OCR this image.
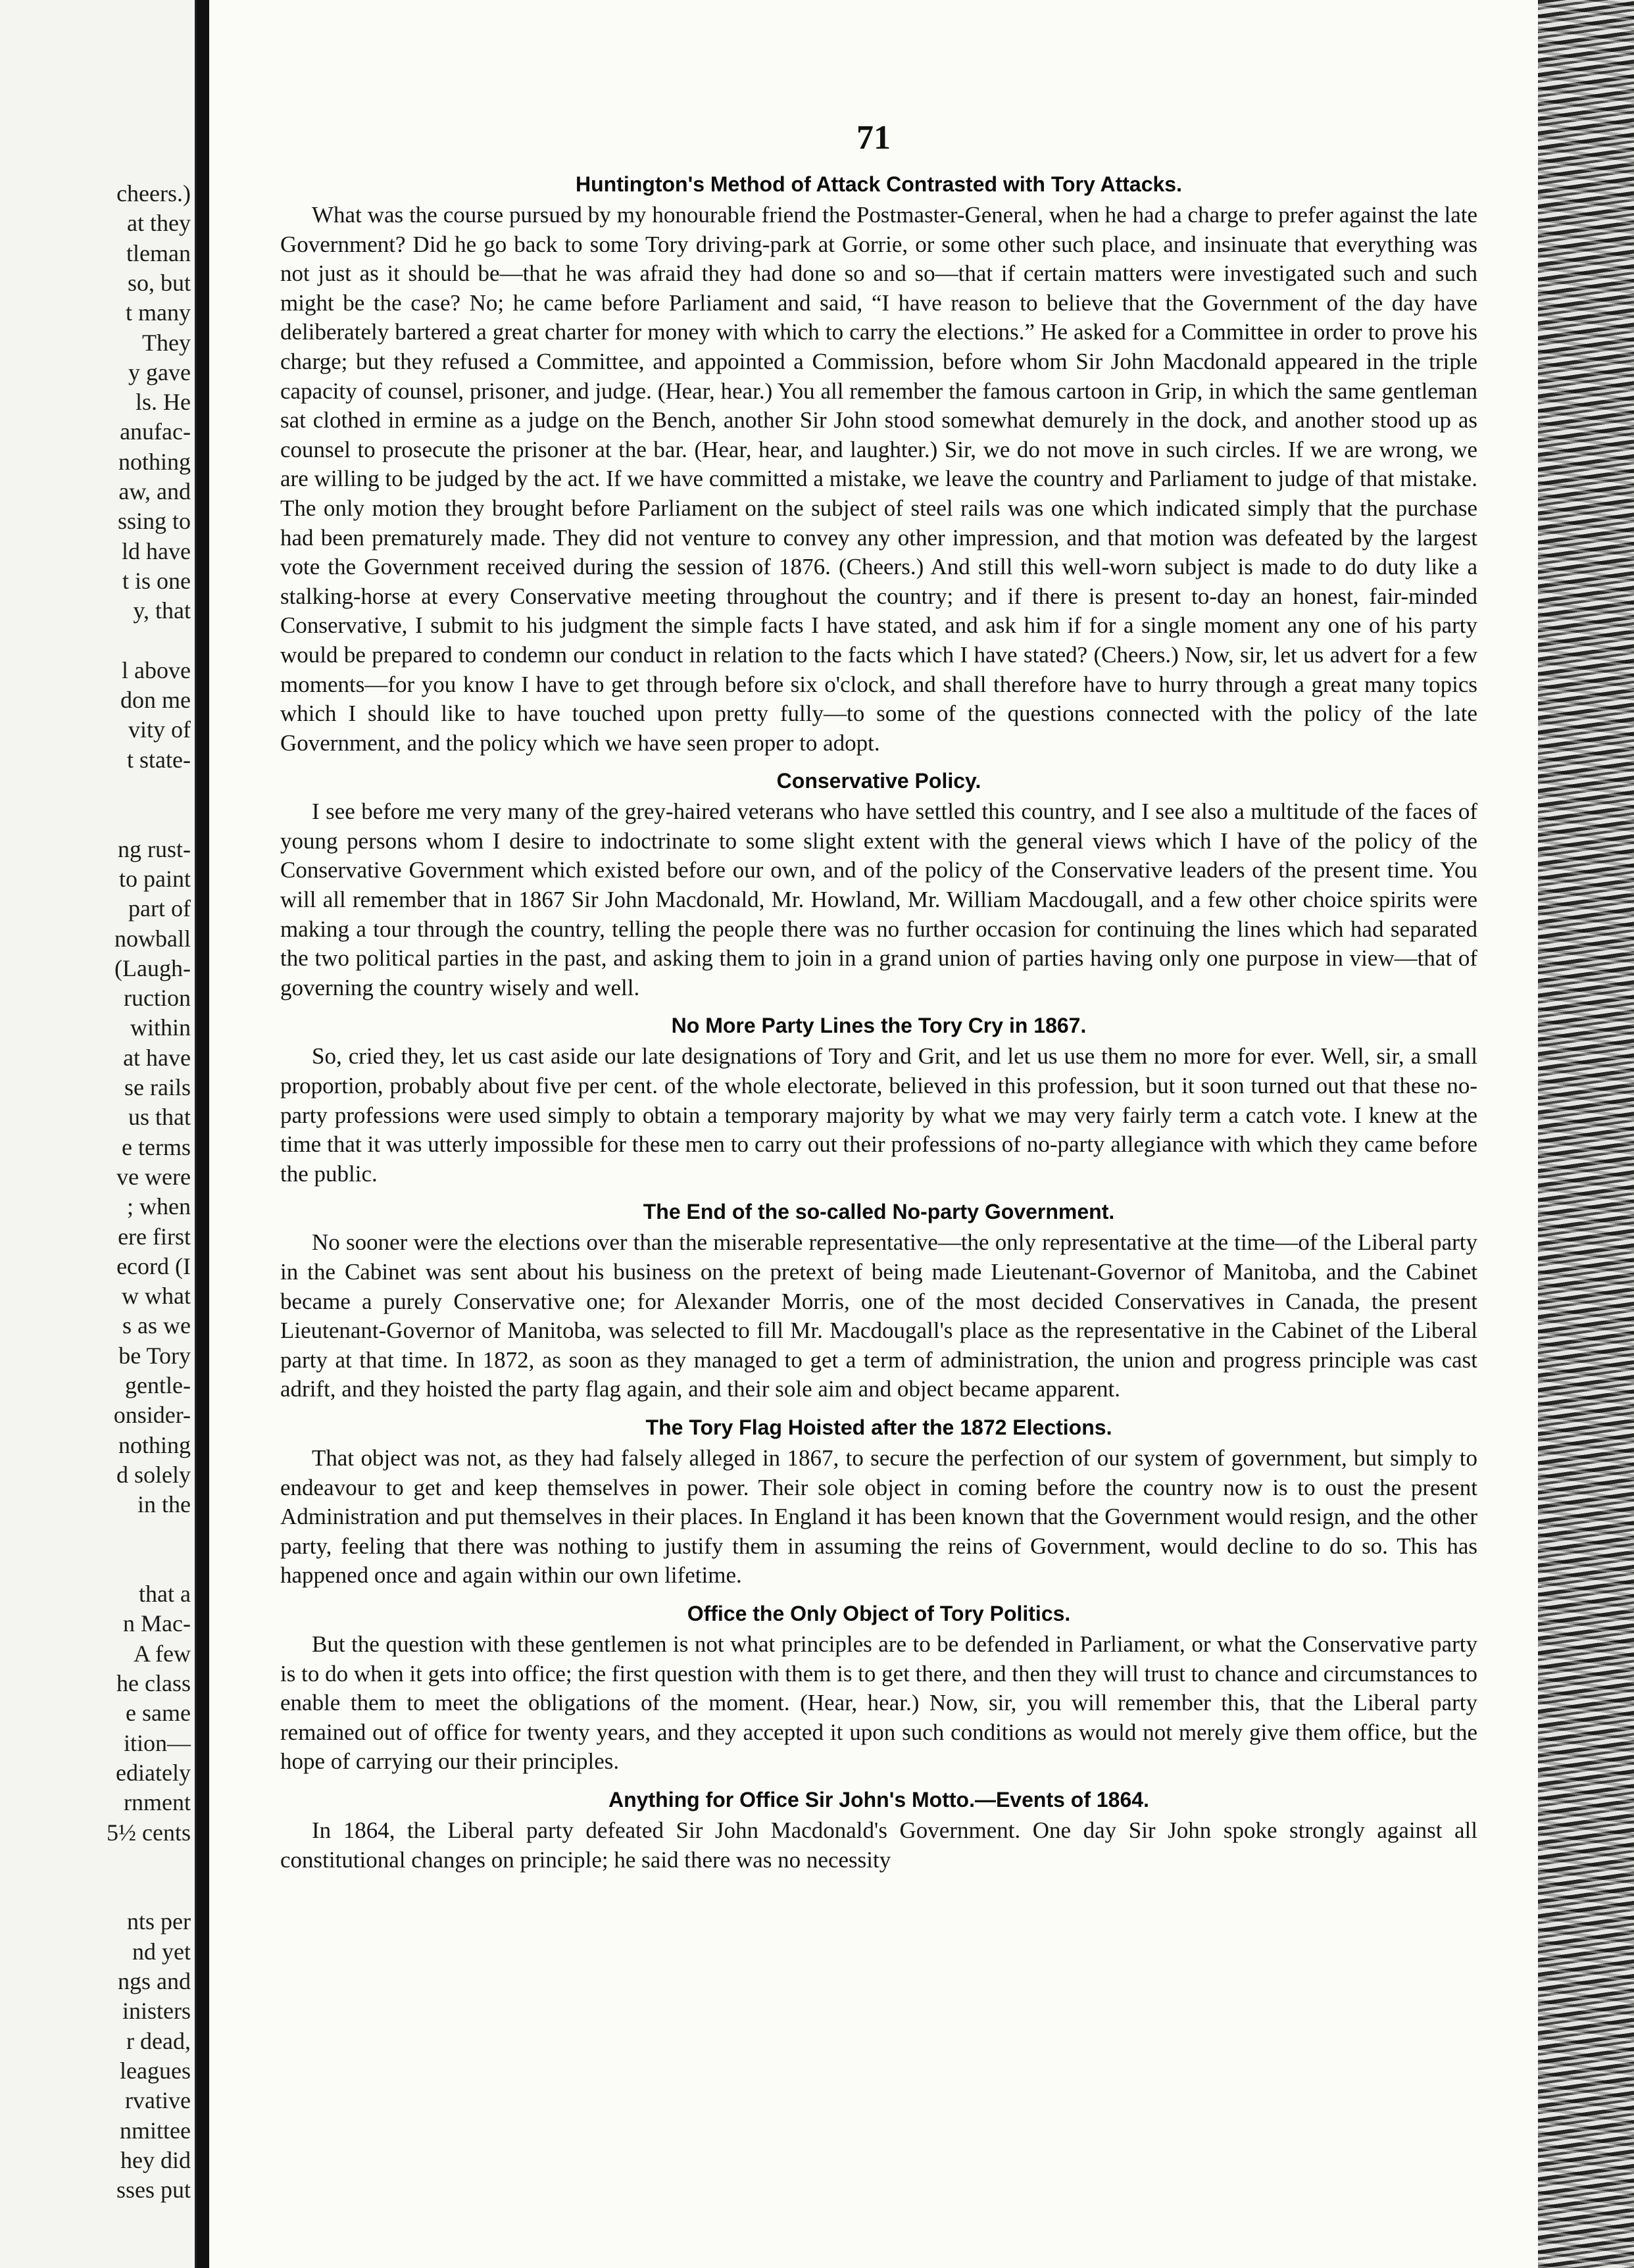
cheers.)
at they
tleman
so, but
t many
They
y gave
ls. He
anufac-
nothing
aw, and
ssing to
ld have
t is one
y, that
l above
don me
vity of
t state-
ng rust-
to paint
part of
nowball
(Laugh-
ruction
within
at have
se rails
us that
e terms
ve were
; when
ere first
ecord (I
w what
s as we
be Tory
gentle-
onsider-
nothing
d solely
in the
that a
n Mac-
A few
he class
e same
ition—
ediately
rnment
5½ cents
nts per
nd yet
ngs and
inisters
r dead,
leagues
rvative
nmittee
hey did
sses put
71
Huntington's Method of Attack Contrasted with Tory Attacks.

What was the course pursued by my honourable friend the Postmaster-General, when he had a charge to prefer against the late Government? Did he go back to some Tory driving-park at Gorrie, or some other such place, and insinuate that everything was not just as it should be—that he was afraid they had done so and so—that if certain matters were investigated such and such might be the case? No; he came before Parliament and said, “I have reason to believe that the Government of the day have deliberately bartered a great charter for money with which to carry the elections.” He asked for a Committee in order to prove his charge; but they refused a Committee, and appointed a Commission, before whom Sir John Macdonald appeared in the triple capacity of counsel, prisoner, and judge. (Hear, hear.) You all remember the famous cartoon in Grip, in which the same gentleman sat clothed in ermine as a judge on the Bench, another Sir John stood somewhat demurely in the dock, and another stood up as counsel to prosecute the prisoner at the bar. (Hear, hear, and laughter.) Sir, we do not move in such circles. If we are wrong, we are willing to be judged by the act. If we have committed a mistake, we leave the country and Parliament to judge of that mistake. The only motion they brought before Parliament on the subject of steel rails was one which indicated simply that the purchase had been prematurely made. They did not venture to convey any other impression, and that motion was defeated by the largest vote the Government received during the session of 1876. (Cheers.) And still this well-worn subject is made to do duty like a stalking-horse at every Conservative meeting throughout the country; and if there is present to-day an honest, fair-minded Conservative, I submit to his judgment the simple facts I have stated, and ask him if for a single moment any one of his party would be prepared to condemn our conduct in relation to the facts which I have stated? (Cheers.) Now, sir, let us advert for a few moments—for you know I have to get through before six o'clock, and shall therefore have to hurry through a great many topics which I should like to have touched upon pretty fully—to some of the questions connected with the policy of the late Government, and the policy which we have seen proper to adopt.

Conservative Policy.

I see before me very many of the grey-haired veterans who have settled this country, and I see also a multitude of the faces of young persons whom I desire to indoctrinate to some slight extent with the general views which I have of the policy of the Conservative Government which existed before our own, and of the policy of the Conservative leaders of the present time. You will all remember that in 1867 Sir John Macdonald, Mr. Howland, Mr. William Macdougall, and a few other choice spirits were making a tour through the country, telling the people there was no further occasion for continuing the lines which had separated the two political parties in the past, and asking them to join in a grand union of parties having only one purpose in view—that of governing the country wisely and well.

No More Party Lines the Tory Cry in 1867.

So, cried they, let us cast aside our late designations of Tory and Grit, and let us use them no more for ever. Well, sir, a small proportion, probably about five per cent. of the whole electorate, believed in this profession, but it soon turned out that these no-party professions were used simply to obtain a temporary majority by what we may very fairly term a catch vote. I knew at the time that it was utterly impossible for these men to carry out their professions of no-party allegiance with which they came before the public.

The End of the so-called No-party Government.

No sooner were the elections over than the miserable representative—the only representative at the time—of the Liberal party in the Cabinet was sent about his business on the pretext of being made Lieutenant-Governor of Manitoba, and the Cabinet became a purely Conservative one; for Alexander Morris, one of the most decided Conservatives in Canada, the present Lieutenant-Governor of Manitoba, was selected to fill Mr. Macdougall's place as the representative in the Cabinet of the Liberal party at that time. In 1872, as soon as they managed to get a term of administration, the union and progress principle was cast adrift, and they hoisted the party flag again, and their sole aim and object became apparent.

The Tory Flag Hoisted after the 1872 Elections.

That object was not, as they had falsely alleged in 1867, to secure the perfection of our system of government, but simply to endeavour to get and keep themselves in power. Their sole object in coming before the country now is to oust the present Administration and put themselves in their places. In England it has been known that the Government would resign, and the other party, feeling that there was nothing to justify them in assuming the reins of Government, would decline to do so. This has happened once and again within our own lifetime.

Office the Only Object of Tory Politics.

But the question with these gentlemen is not what principles are to be defended in Parliament, or what the Conservative party is to do when it gets into office; the first question with them is to get there, and then they will trust to chance and circumstances to enable them to meet the obligations of the moment. (Hear, hear.) Now, sir, you will remember this, that the Liberal party remained out of office for twenty years, and they accepted it upon such conditions as would not merely give them office, but the hope of carrying our their principles.

Anything for Office Sir John's Motto.—Events of 1864.

In 1864, the Liberal party defeated Sir John Macdonald's Government. One day Sir John spoke strongly against all constitutional changes on principle; he said there was no necessity
